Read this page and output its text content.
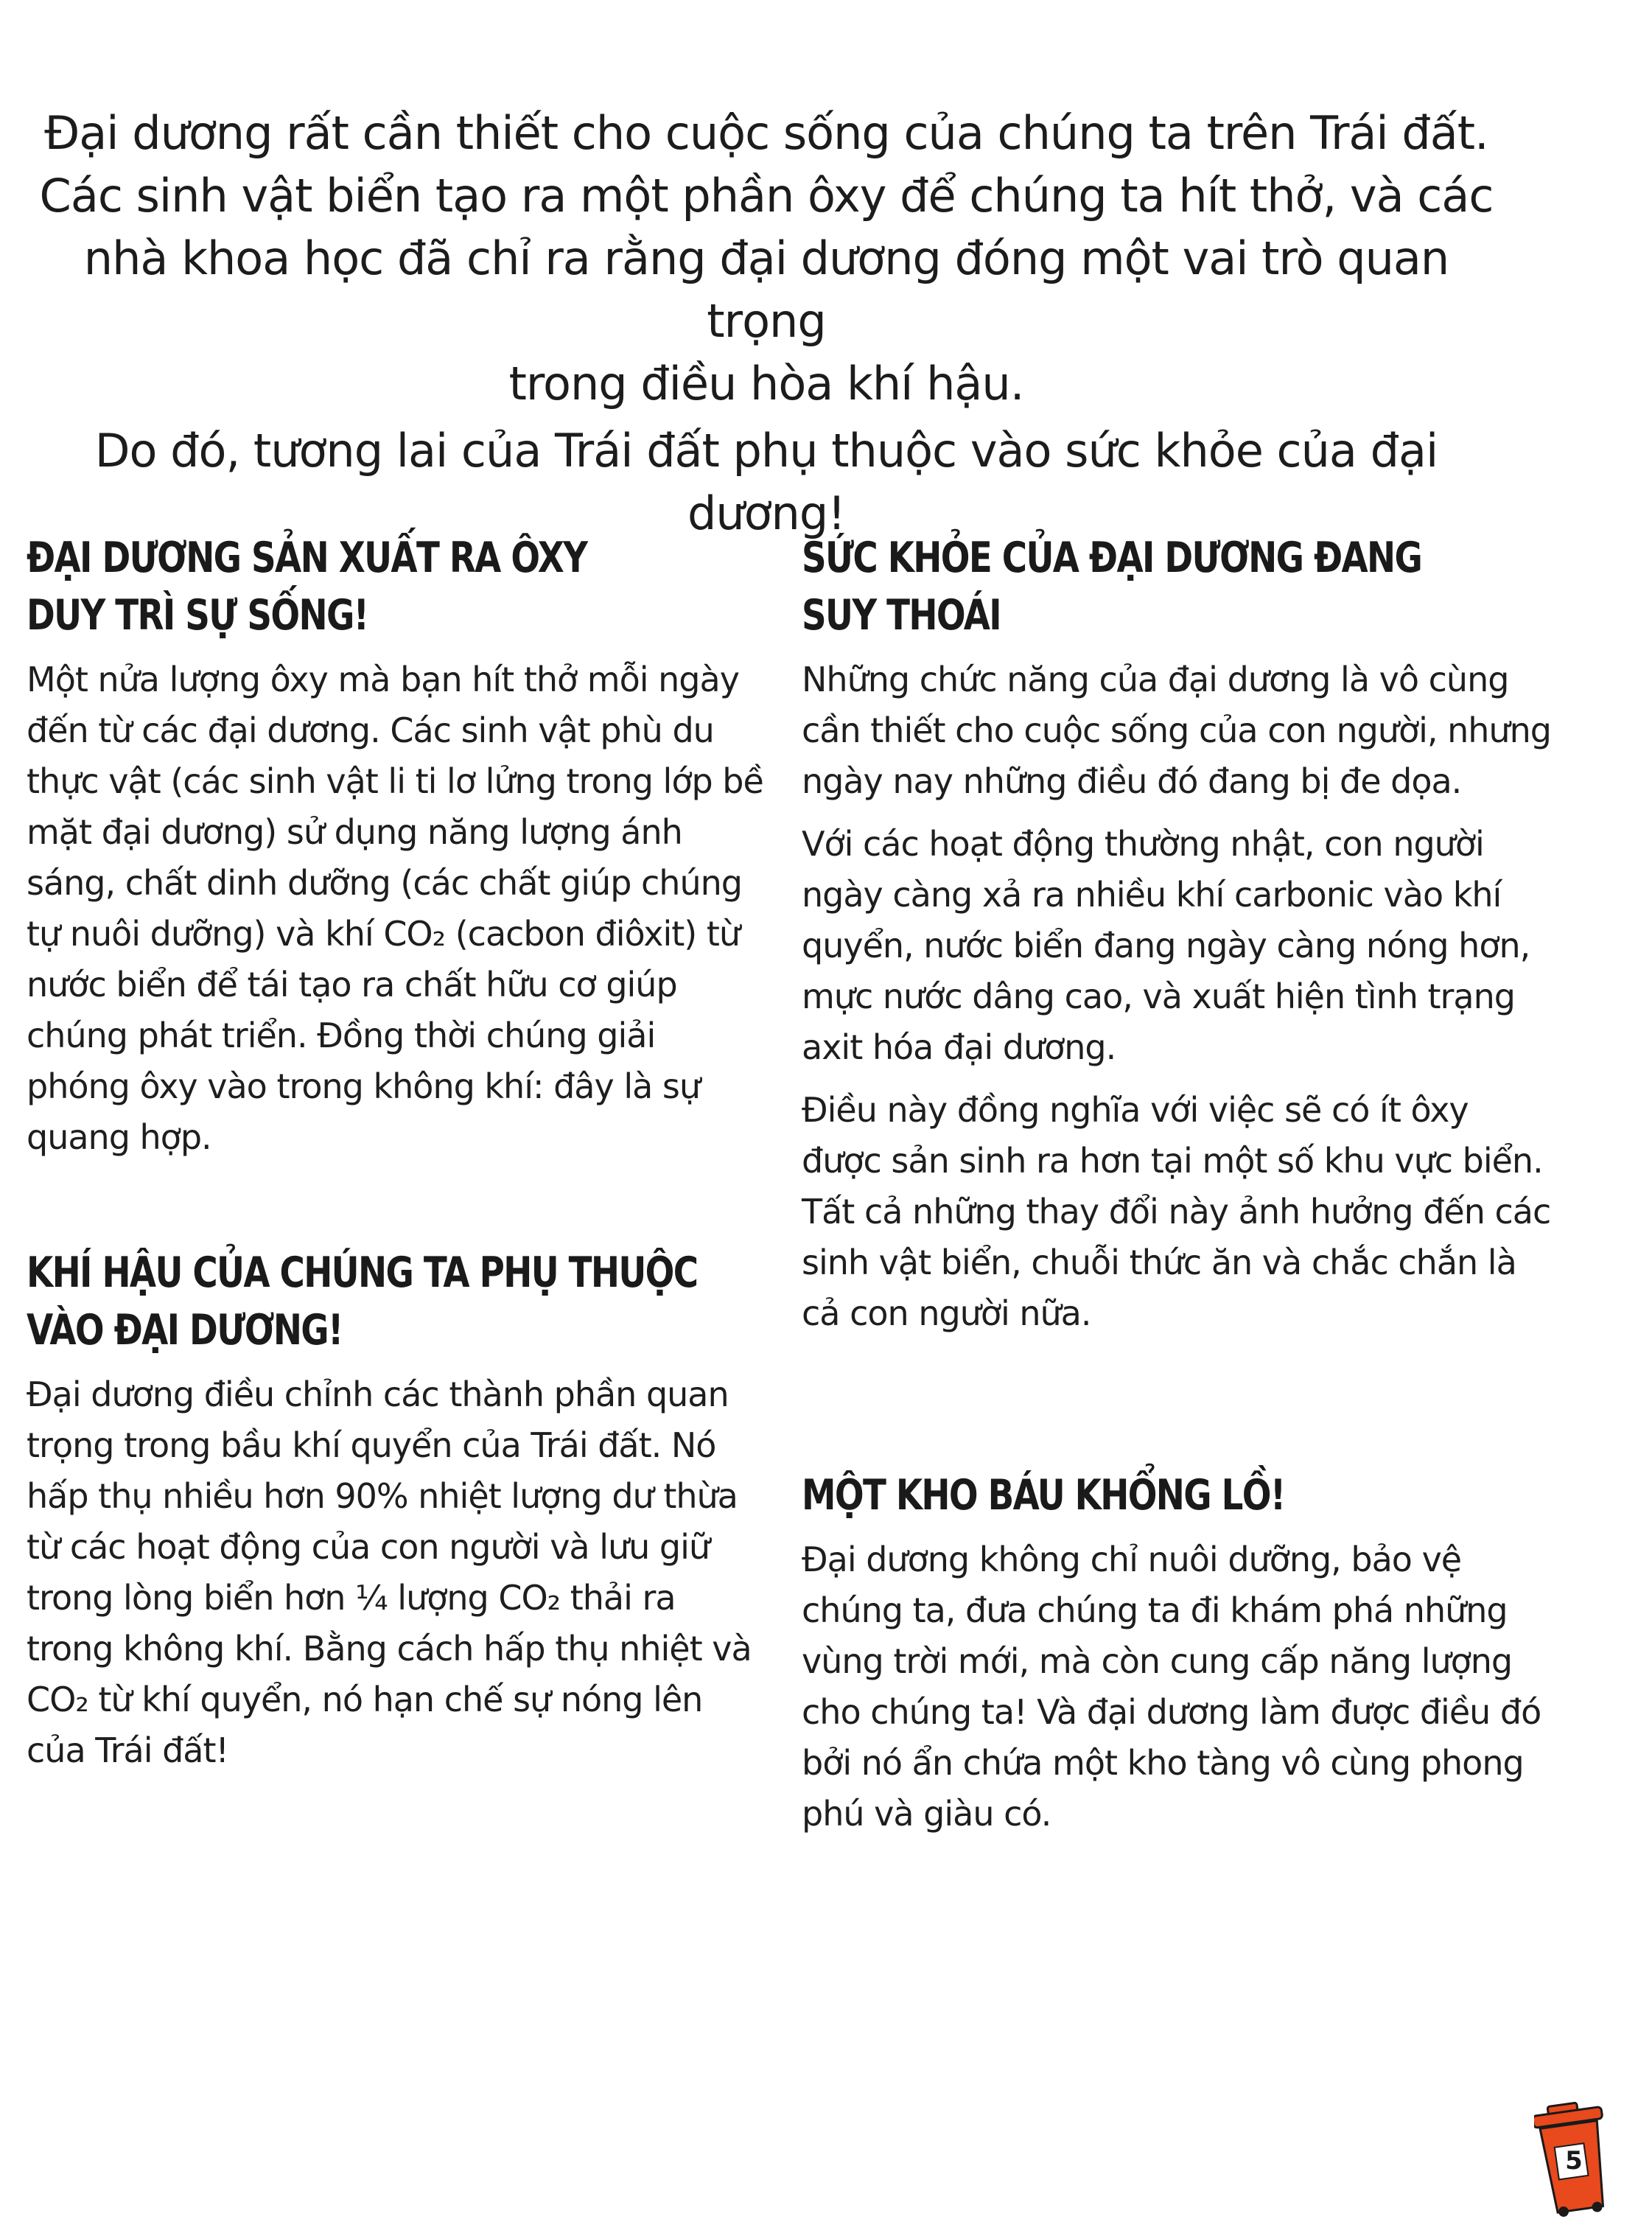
Đại dương rất cần thiết cho cuộc sống của chúng ta trên Trái đất.
Các sinh vật biển tạo ra một phần ôxy để chúng ta hít thở, và các
nhà khoa học đã chỉ ra rằng đại dương đóng một vai trò quan trọng
trong điều hòa khí hậu.

Do đó, tương lai của Trái đất phụ thuộc vào sức khỏe của đại dương!

ĐẠI DƯƠNG SẢN XUẤT RA ÔXY
DUY TRÌ SỰ SỐNG!

Một nửa lượng ôxy mà bạn hít thở mỗi ngày đến từ các đại dương. Các sinh vật phù du thực vật (các sinh vật li ti lơ lửng trong lớp bề mặt đại dương) sử dụng năng lượng ánh sáng, chất dinh dưỡng (các chất giúp chúng tự nuôi dưỡng) và khí CO₂ (cacbon điôxit) từ nước biển để tái tạo ra chất hữu cơ giúp chúng phát triển. Đồng thời chúng giải phóng ôxy vào trong không khí: đây là sự quang hợp.

KHÍ HẬU CỦA CHÚNG TA PHỤ THUỘC
VÀO ĐẠI DƯƠNG!

Đại dương điều chỉnh các thành phần quan trọng trong bầu khí quyển của Trái đất. Nó hấp thụ nhiều hơn 90% nhiệt lượng dư thừa từ các hoạt động của con người và lưu giữ trong lòng biển hơn ¼ lượng CO₂ thải ra trong không khí. Bằng cách hấp thụ nhiệt và CO₂ từ khí quyển, nó hạn chế sự nóng lên của Trái đất!

SỨC KHỎE CỦA ĐẠI DƯƠNG ĐANG
SUY THOÁI

Những chức năng của đại dương là vô cùng cần thiết cho cuộc sống của con người, nhưng ngày nay những điều đó đang bị đe dọa.

Với các hoạt động thường nhật, con người ngày càng xả ra nhiều khí carbonic vào khí quyển, nước biển đang ngày càng nóng hơn, mực nước dâng cao, và xuất hiện tình trạng axit hóa đại dương.

Điều này đồng nghĩa với việc sẽ có ít ôxy được sản sinh ra hơn tại một số khu vực biển. Tất cả những thay đổi này ảnh hưởng đến các sinh vật biển, chuỗi thức ăn và chắc chắn là cả con người nữa.

MỘT KHO BÁU KHỔNG LỒ!

Đại dương không chỉ nuôi dưỡng, bảo vệ chúng ta, đưa chúng ta đi khám phá những vùng trời mới, mà còn cung cấp năng lượng cho chúng ta! Và đại dương làm được điều đó bởi nó ẩn chứa một kho tàng vô cùng phong phú và giàu có.

5
